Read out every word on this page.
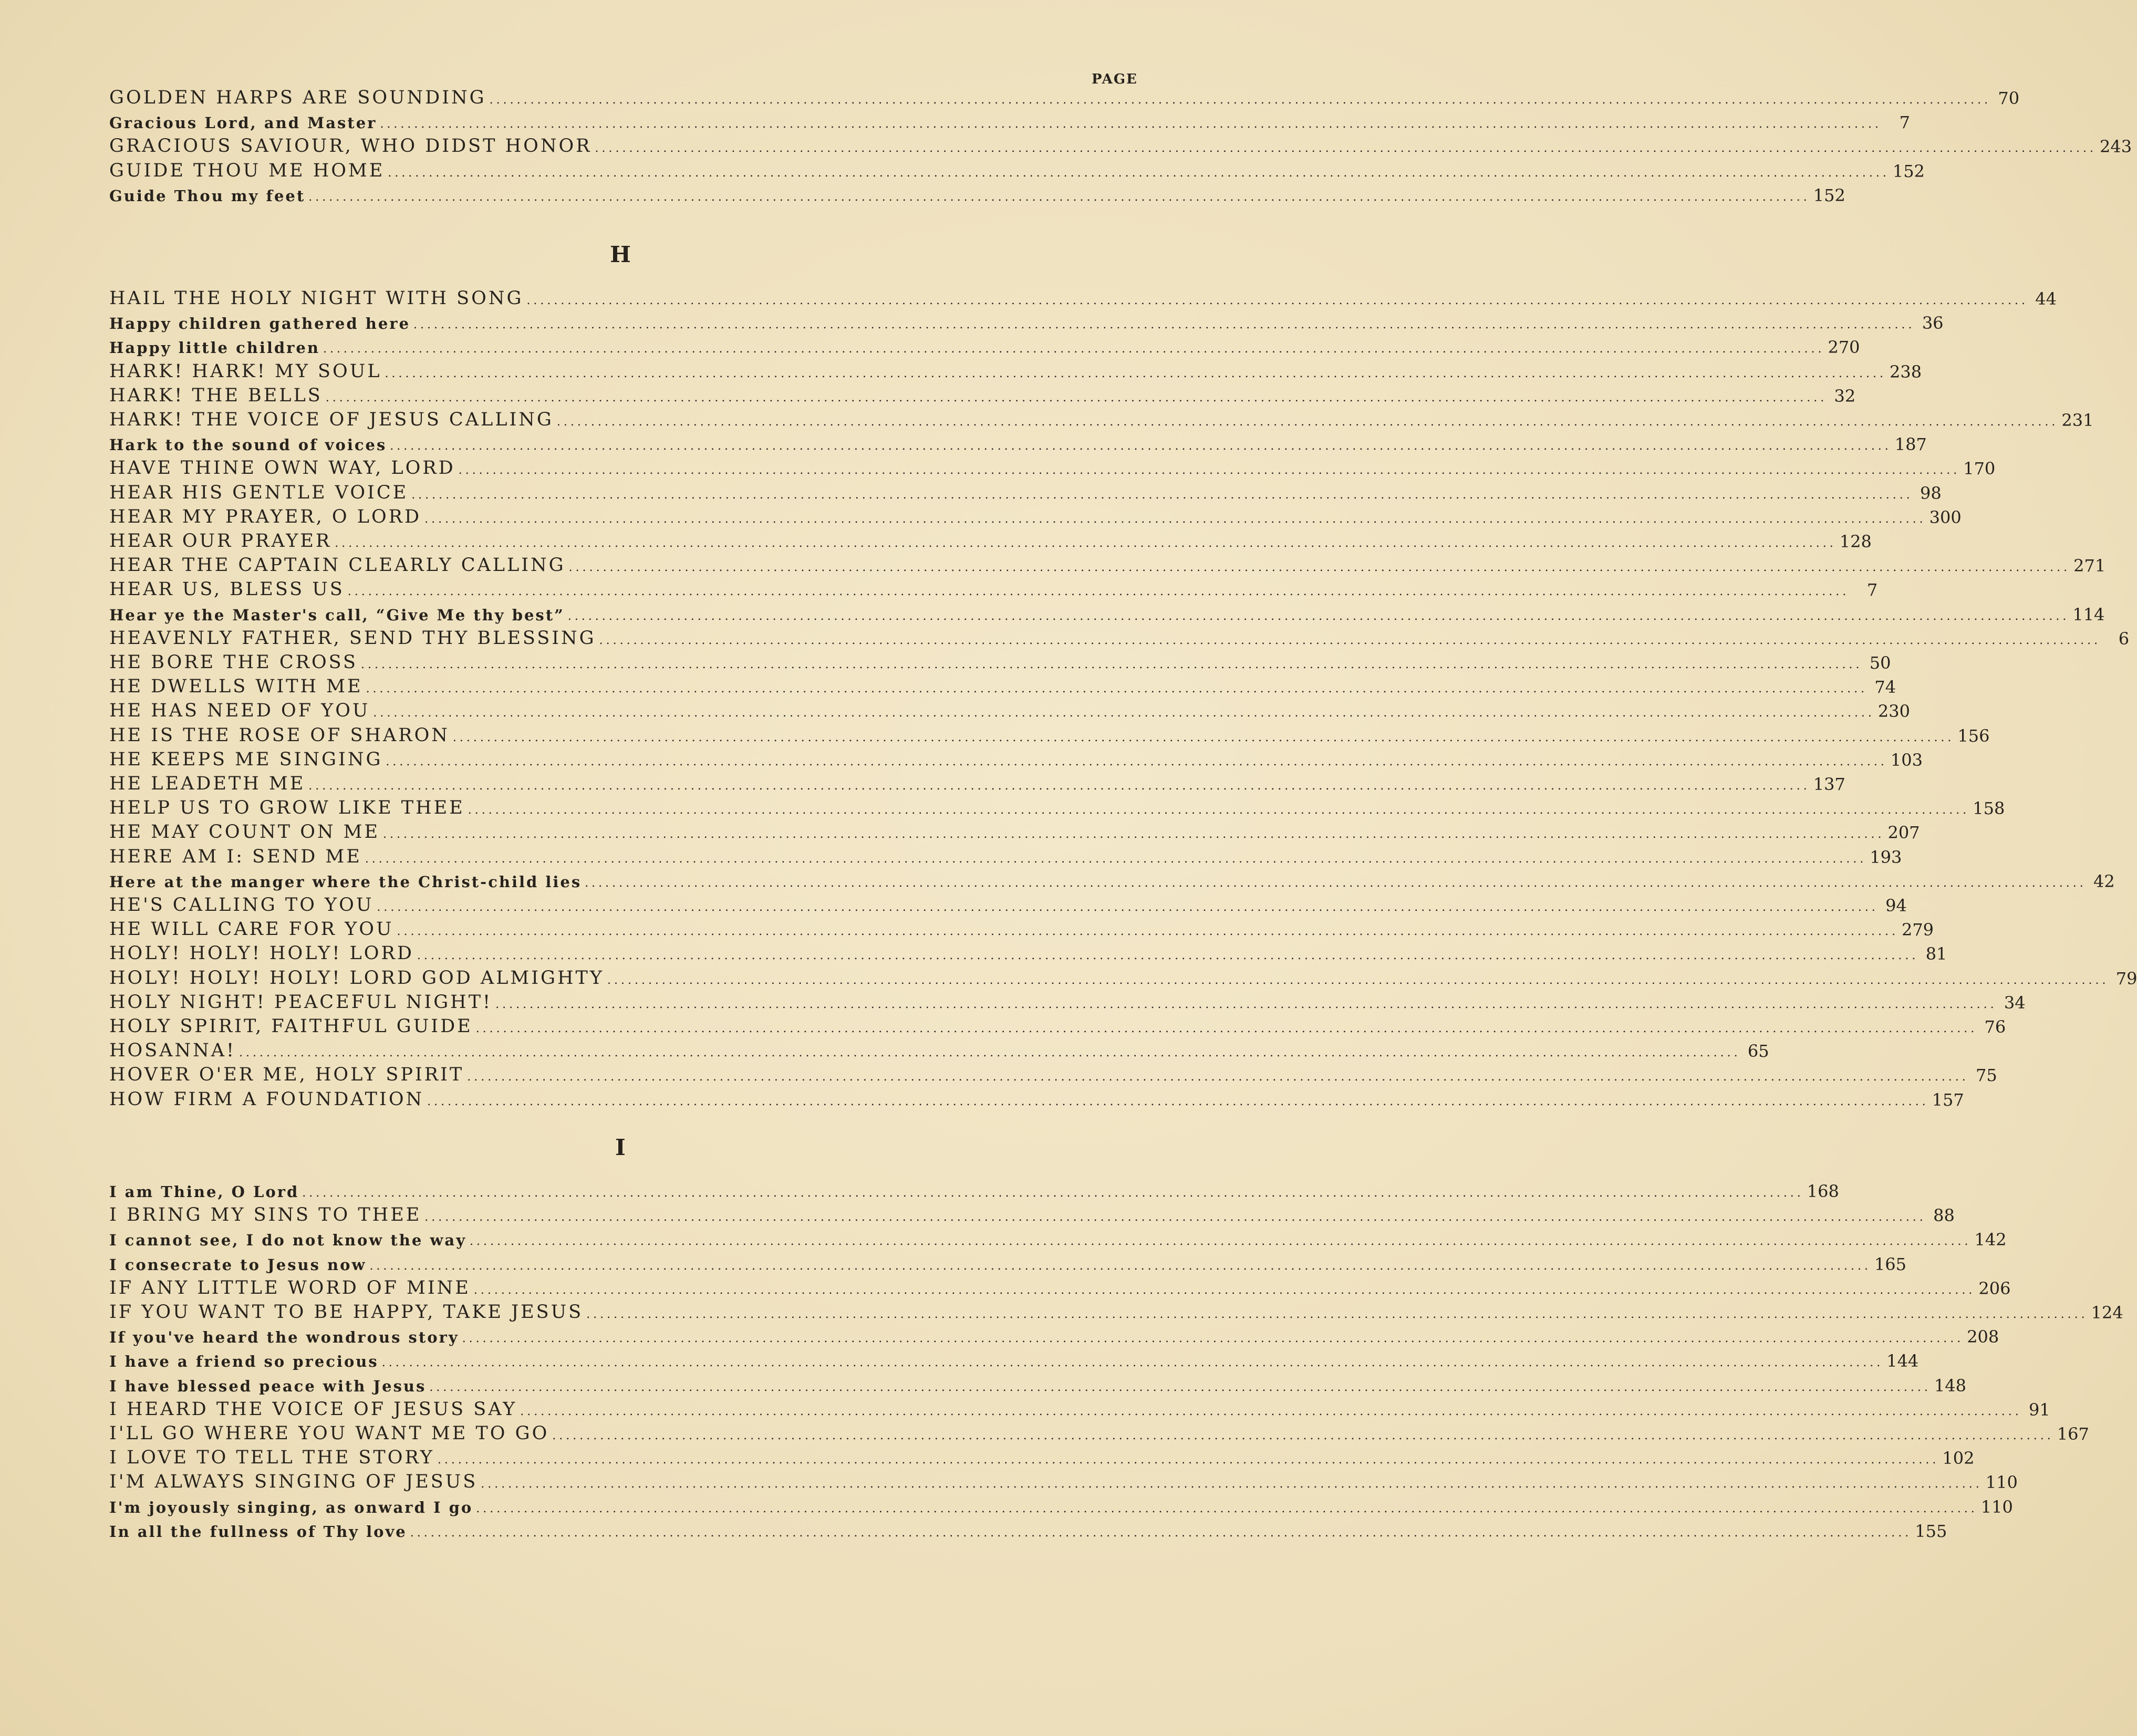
PAGE
GOLDEN HARPS ARE SOUNDING ............................................................................................................................................................................................................................ 70
Gracious Lord, and Master ............................................................................................................................................................................................................................	7
GRACIOUS SAVIOUR, WHO DIDST HONOR ............................................................................................................................................................................................................................ 243
GUIDE THOU ME HOME ............................................................................................................................................................................................................................ 152
Guide Thou my feet ............................................................................................................................................................................................................................ 152
H
HAIL THE HOLY NIGHT WITH SONG ............................................................................................................................................................................................................................ 44
Happy children gathered here ............................................................................................................................................................................................................................ 36
Happy little children ............................................................................................................................................................................................................................ 270
HARK! HARK! MY SOUL ............................................................................................................................................................................................................................ 238
HARK! THE BELLS ............................................................................................................................................................................................................................ 32
HARK! THE VOICE OF JESUS CALLING ............................................................................................................................................................................................................................ 231
Hark to the sound of voices ............................................................................................................................................................................................................................ 187
HAVE THINE OWN WAY, LORD ............................................................................................................................................................................................................................ 170
HEAR HIS GENTLE VOICE ............................................................................................................................................................................................................................ 98
HEAR MY PRAYER, O LORD ............................................................................................................................................................................................................................ 300
HEAR OUR PRAYER ............................................................................................................................................................................................................................ 128
HEAR THE CAPTAIN CLEARLY CALLING ............................................................................................................................................................................................................................ 271
HEAR US, BLESS US ............................................................................................................................................................................................................................	7
Hear ye the Master's call, “Give Me thy best” ............................................................................................................................................................................................................................ 114
HEAVENLY FATHER, SEND THY BLESSING ............................................................................................................................................................................................................................	6
HE BORE THE CROSS ............................................................................................................................................................................................................................ 50
HE DWELLS WITH ME ............................................................................................................................................................................................................................ 74
HE HAS NEED OF YOU ............................................................................................................................................................................................................................ 230
HE IS THE ROSE OF SHARON ............................................................................................................................................................................................................................ 156
HE KEEPS ME SINGING ............................................................................................................................................................................................................................ 103
HE LEADETH ME ............................................................................................................................................................................................................................ 137
HELP US TO GROW LIKE THEE ............................................................................................................................................................................................................................ 158
HE MAY COUNT ON ME ............................................................................................................................................................................................................................ 207
HERE AM I: SEND ME ............................................................................................................................................................................................................................ 193
Here at the manger where the Christ-child lies ............................................................................................................................................................................................................................ 42
HE'S CALLING TO YOU ............................................................................................................................................................................................................................ 94
HE WILL CARE FOR YOU ............................................................................................................................................................................................................................ 279
HOLY! HOLY! HOLY! LORD ............................................................................................................................................................................................................................ 81
HOLY! HOLY! HOLY! LORD GOD ALMIGHTY ............................................................................................................................................................................................................................ 79
HOLY NIGHT! PEACEFUL NIGHT! ............................................................................................................................................................................................................................ 34
HOLY SPIRIT, FAITHFUL GUIDE ............................................................................................................................................................................................................................ 76
HOSANNA! ............................................................................................................................................................................................................................ 65
HOVER O'ER ME, HOLY SPIRIT ............................................................................................................................................................................................................................ 75
HOW FIRM A FOUNDATION ............................................................................................................................................................................................................................ 157
I
I am Thine, O Lord ............................................................................................................................................................................................................................ 168
I BRING MY SINS TO THEE ............................................................................................................................................................................................................................ 88
I cannot see, I do not know the way ............................................................................................................................................................................................................................ 142
I consecrate to Jesus now ............................................................................................................................................................................................................................ 165
IF ANY LITTLE WORD OF MINE ............................................................................................................................................................................................................................ 206
IF YOU WANT TO BE HAPPY, TAKE JESUS ............................................................................................................................................................................................................................ 124
If you've heard the wondrous story ............................................................................................................................................................................................................................ 208
I have a friend so precious ............................................................................................................................................................................................................................ 144
I have blessed peace with Jesus ............................................................................................................................................................................................................................ 148
I HEARD THE VOICE OF JESUS SAY ............................................................................................................................................................................................................................ 91
I'LL GO WHERE YOU WANT ME TO GO ............................................................................................................................................................................................................................ 167
I LOVE TO TELL THE STORY ............................................................................................................................................................................................................................ 102
I'M ALWAYS SINGING OF JESUS ............................................................................................................................................................................................................................ 110
I'm joyously singing, as onward I go ............................................................................................................................................................................................................................ 110
In all the fullness of Thy love ............................................................................................................................................................................................................................ 155
